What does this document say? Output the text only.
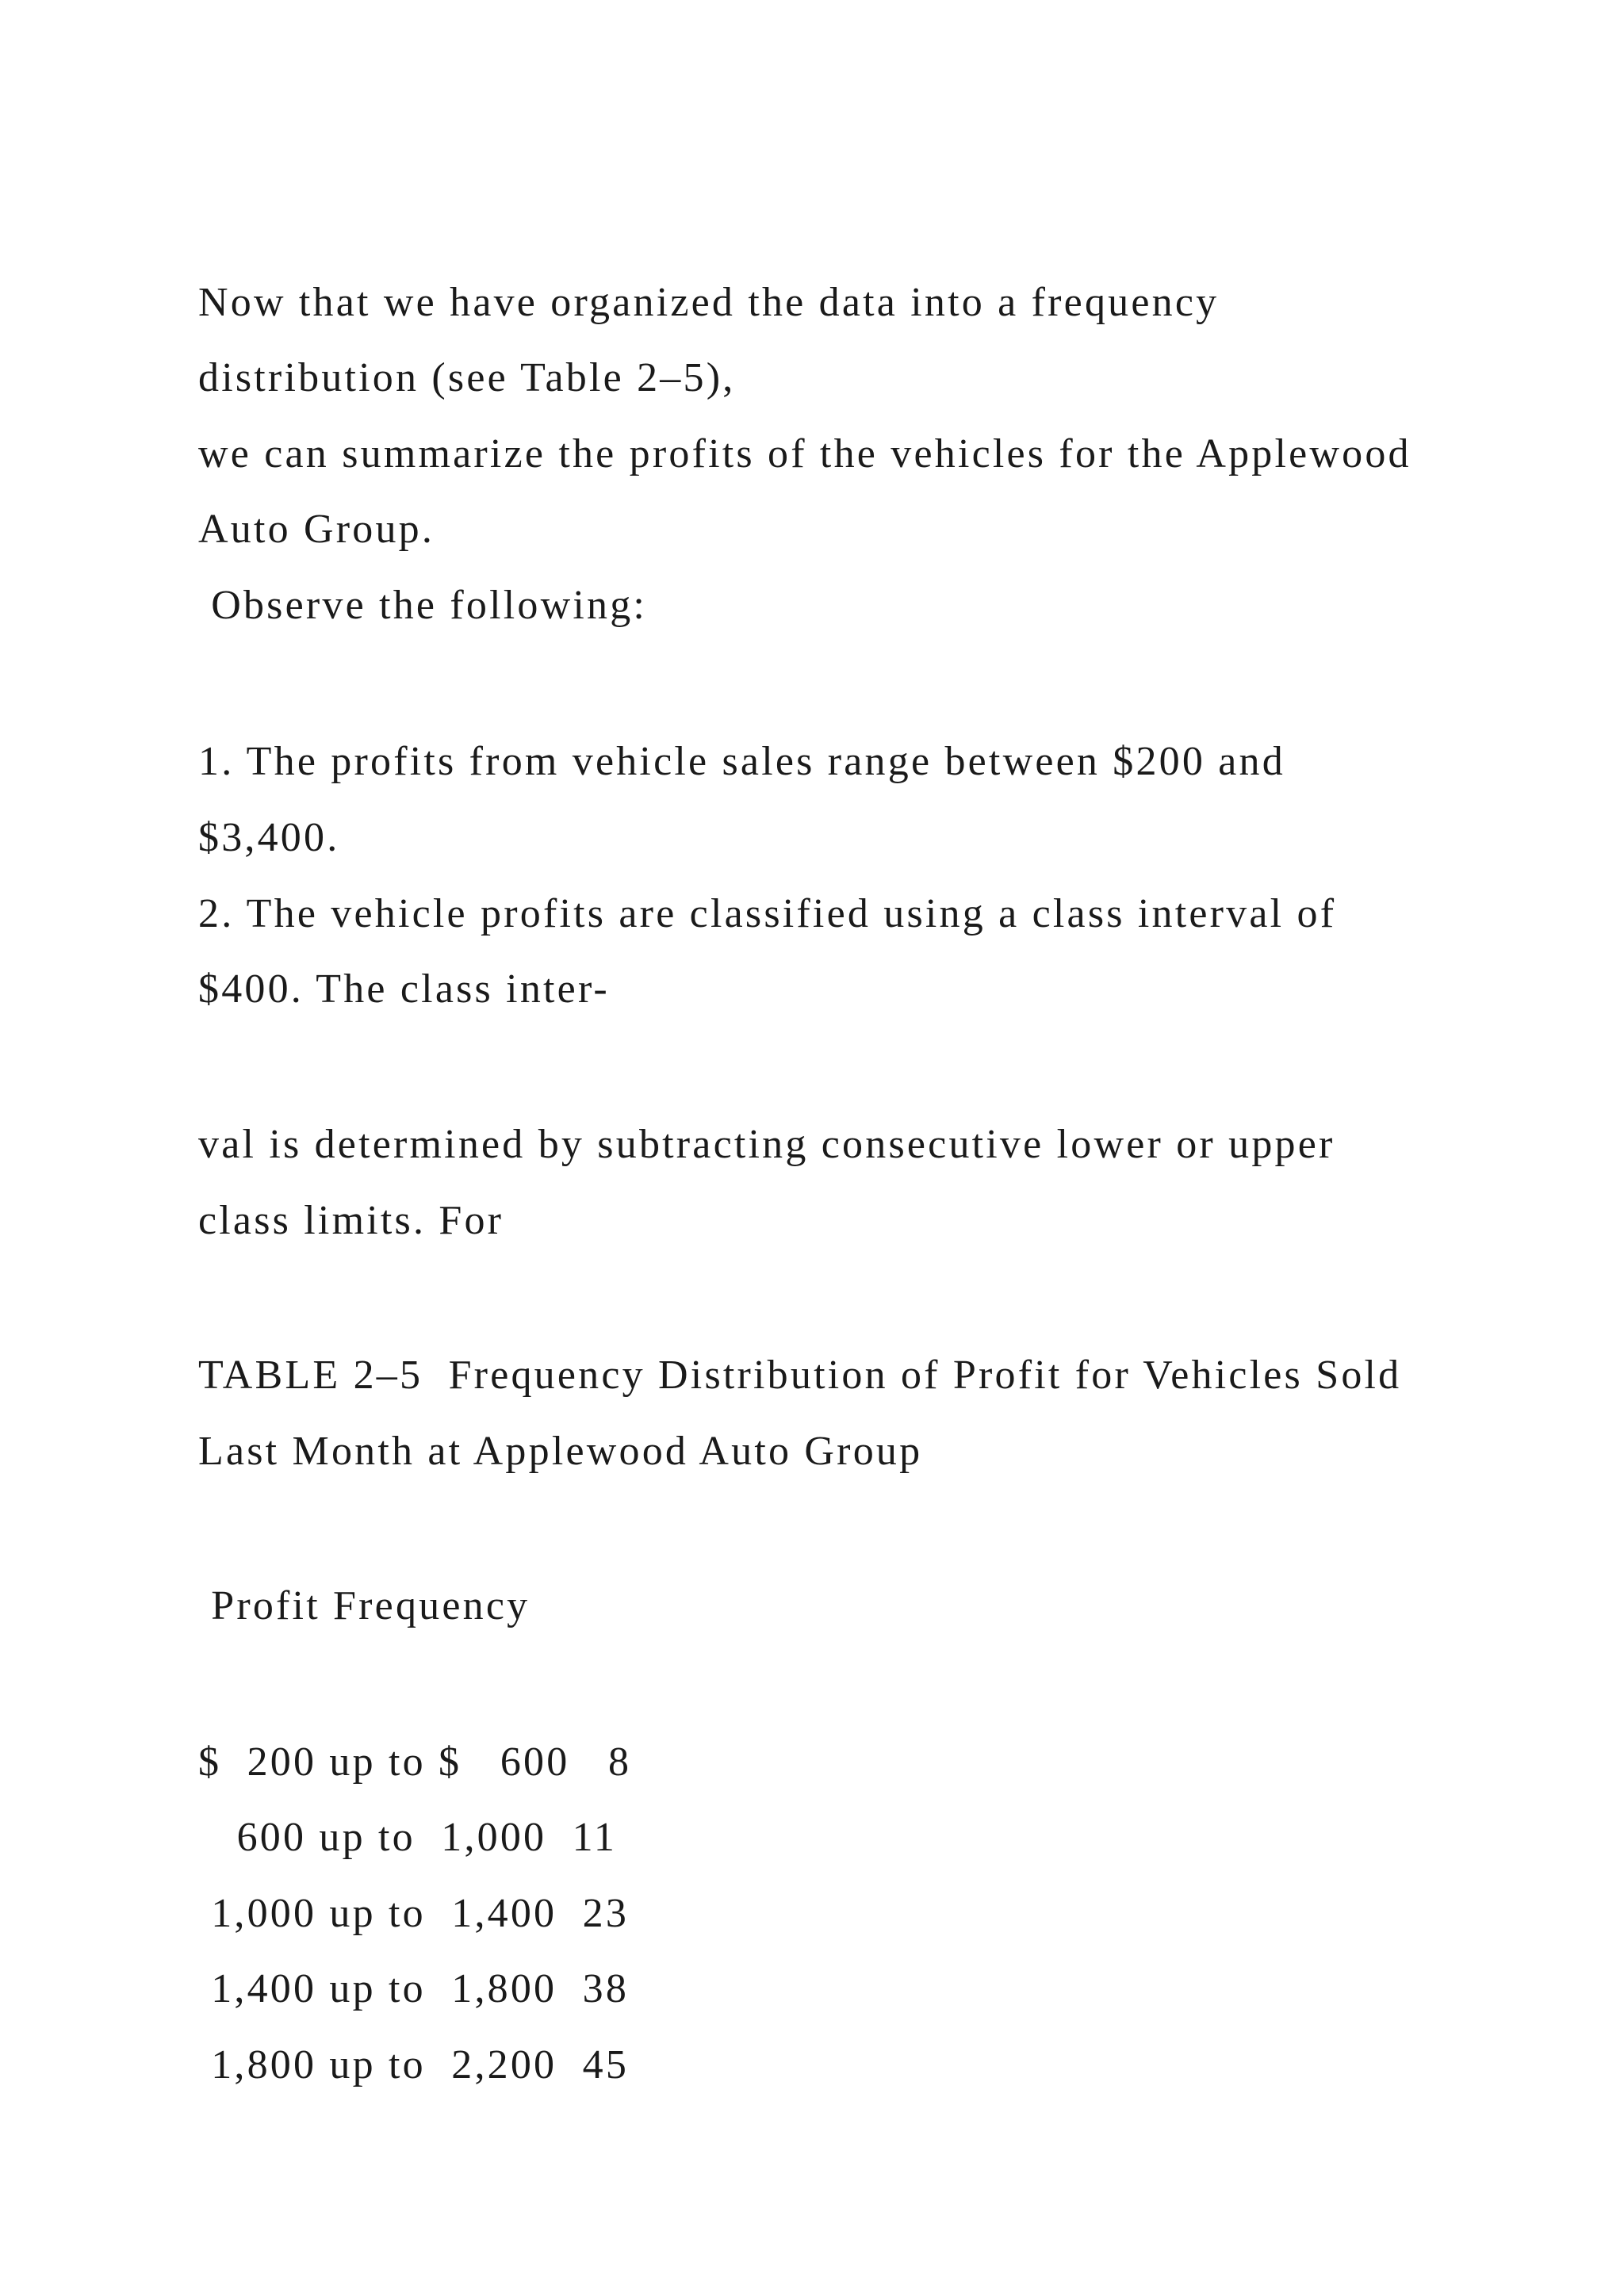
Now that we have organized the data into a frequency
distribution (see Table 2–5),
we can summarize the profits of the vehicles for the Applewood
Auto Group.
Observe the following:
1. The profits from vehicle sales range between $200 and
$3,400.
2. The vehicle profits are classified using a class interval of
$400. The class inter-
val is determined by subtracting consecutive lower or upper
class limits. For
TABLE 2–5  Frequency Distribution of Profit for Vehicles Sold
Last Month at Applewood Auto Group
Profit Frequency
$  200 up to $   600   8
600 up to  1,000  11
1,000 up to  1,400  23
1,400 up to  1,800  38
1,800 up to  2,200  45
